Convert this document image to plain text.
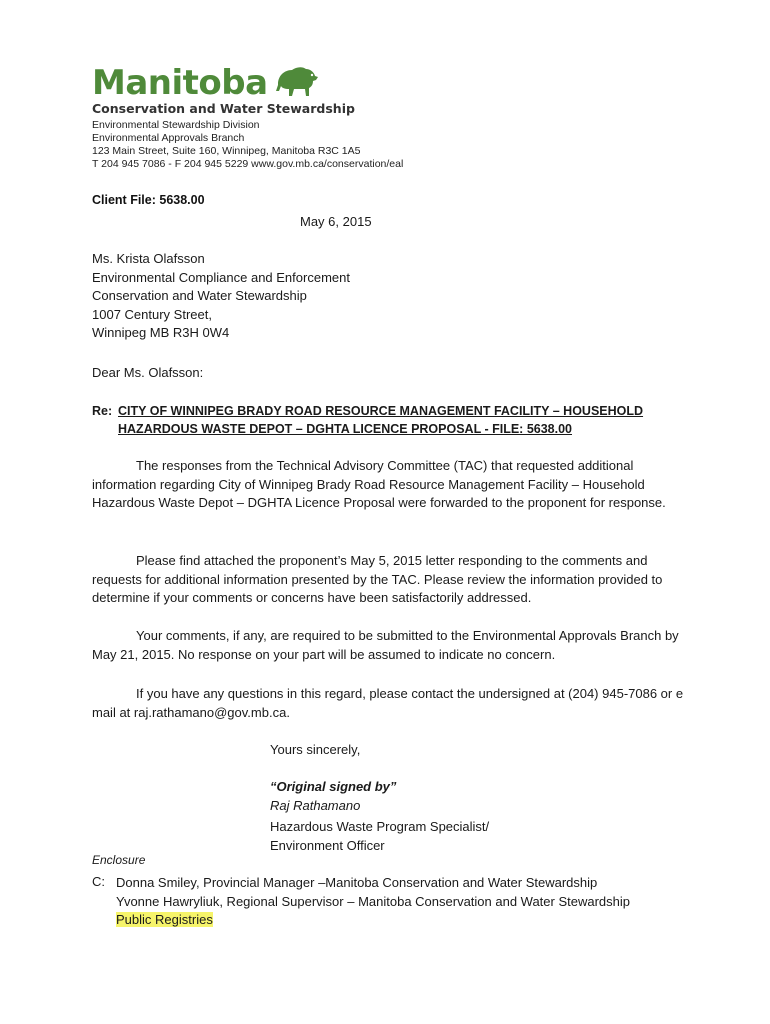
Manitoba
Conservation and Water Stewardship
Environmental Stewardship Division
Environmental Approvals Branch
123 Main Street, Suite 160, Winnipeg, Manitoba R3C 1A5
T 204 945 7086 - F 204 945 5229 www.gov.mb.ca/conservation/eal
Client File: 5638.00
May 6, 2015
Ms. Krista Olafsson
Environmental Compliance and Enforcement
Conservation and Water Stewardship
1007 Century Street,
Winnipeg MB R3H 0W4
Dear Ms. Olafsson:
Re: CITY OF WINNIPEG BRADY ROAD RESOURCE MANAGEMENT FACILITY – HOUSEHOLD HAZARDOUS WASTE DEPOT – DGHTA LICENCE PROPOSAL - FILE: 5638.00
The responses from the Technical Advisory Committee (TAC) that requested additional information regarding City of Winnipeg Brady Road Resource Management Facility – Household Hazardous Waste Depot – DGHTA Licence Proposal were forwarded to the proponent for response.
Please find attached the proponent’s May 5, 2015 letter responding to the comments and requests for additional information presented by the TAC. Please review the information provided to determine if your comments or concerns have been satisfactorily addressed.
Your comments, if any, are required to be submitted to the Environmental Approvals Branch by May 21, 2015. No response on your part will be assumed to indicate no concern.
If you have any questions in this regard, please contact the undersigned at (204) 945-7086 or e mail at raj.rathamano@gov.mb.ca.
Yours sincerely,
“Original signed by”
Raj Rathamano
Hazardous Waste Program Specialist/
Environment Officer
Enclosure
C: Donna Smiley, Provincial Manager –Manitoba Conservation and Water Stewardship
Yvonne Hawryliuk, Regional Supervisor – Manitoba Conservation and Water Stewardship
Public Registries
